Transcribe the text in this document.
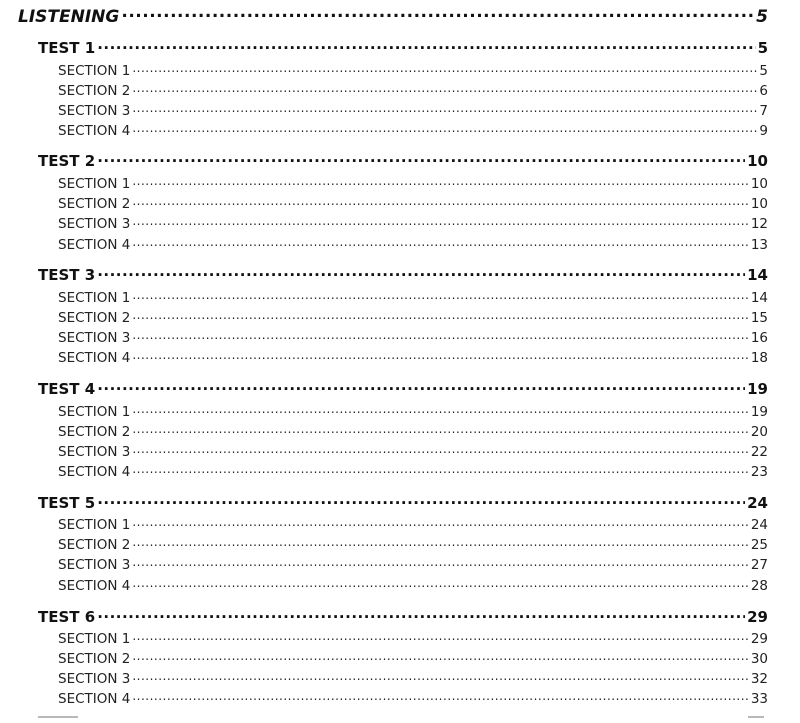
LISTENING .....	5
TEST 1 .....	5
SECTION 1 .....	5
SECTION 2 .....	6
SECTION 3 .....	7
SECTION 4 .....	9
TEST 2 .....	10
SECTION 1 .....	10
SECTION 2 .....	10
SECTION 3 .....	12
SECTION 4 .....	13
TEST 3 .....	14
SECTION 1 .....	14
SECTION 2 .....	15
SECTION 3 .....	16
SECTION 4 .....	18
TEST 4 .....	19
SECTION 1 .....	19
SECTION 2 .....	20
SECTION 3 .....	22
SECTION 4 .....	23
TEST 5 .....	24
SECTION 1 .....	24
SECTION 2 .....	25
SECTION 3 .....	27
SECTION 4 .....	28
TEST 6 .....	29
SECTION 1 .....	29
SECTION 2 .....	30
SECTION 3 .....	32
SECTION 4 .....	33
